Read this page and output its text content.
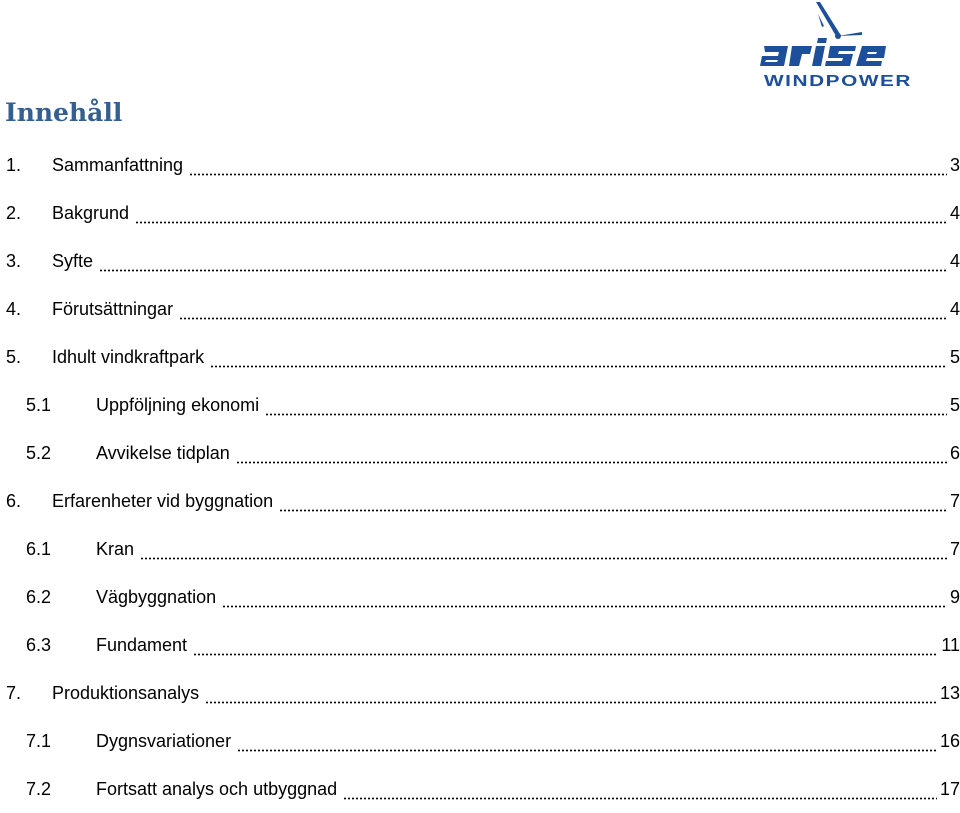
WINDPOWER
Innehåll
1.	Sammanfattning	3
2.	Bakgrund	4
3.	Syfte	4
4.	Förutsättningar	4
5.	Idhult vindkraftpark	5
5.1	Uppföljning ekonomi	5
5.2	Avvikelse tidplan	6
6.	Erfarenheter vid byggnation	7
6.1	Kran	7
6.2	Vägbyggnation	9
6.3	Fundament	11
7.	Produktionsanalys	13
7.1	Dygnsvariationer	16
7.2	Fortsatt analys och utbyggnad	17
